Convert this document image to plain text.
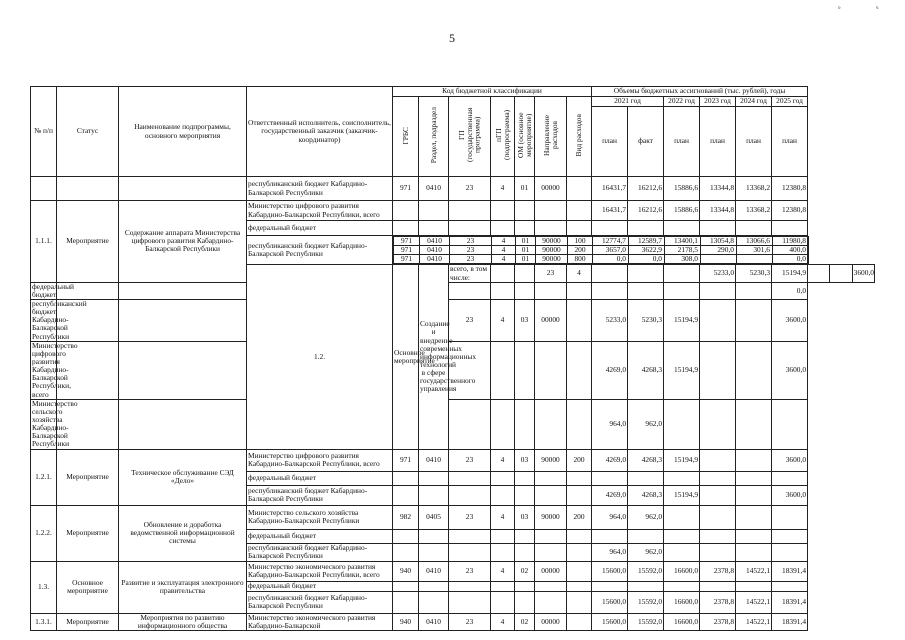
о	ч
5
№ п/п	Статус	Наименование подпрограммы, основного мероприятия	Ответственный исполнитель, соисполнитель, государственный заказчик (заказчик-координатор)	Код бюджетной классификации	Объемы бюджетных ассигнований (тыс. рублей), годы
ГРБС	Раздел, подраздел	ГП (государственная программа)	пГП (подпрограмма)	ОМ (основное мероприятие)	Направление расходов	Вид расходов	2021 год	2022 год	2023 год	2024 год	2025 год
план	факт	план	план	план	план
			республиканский бюджет Кабардино-Балкарской Республики	971	0410	23	4	01	00000		16431,7	16212,6	15886,6	13344,8	13368,2	12380,8
1.1.1.	Мероприятие	Содержание аппарата Министерства цифрового развития Кабардино-Балкарской Республики	Министерство цифрового развития Кабардино-Балкарской Республики, всего								16431,7	16212,6	15886,6	13344,8	13368,2	12380,8
федеральный бюджет													
республиканский бюджет Кабардино-Балкарской Республики	
971	0410	23	4	01	90000	100	12774,7	12589,7	13400,1	13054,8	13066,6	11980,8
971	0410	23	4	01	90000	200	3657,0	3622,9	2178,5	290,0	301,6	400,0
971	0410	23	4	01	90000	800	0,0	0,0	308,0			0,0

1.2.	Основное мероприятие	Создание и внедрение современных информационных технологий в сфере государственного управления	всего, в том числе:			23	4				5233,0	5230,3	15194,9			3600,0
федеральный бюджет													0,0
республиканский бюджет Кабардино-Балкарской Республики			23	4	03	00000		5233,0	5230,3	15194,9			3600,0
Министерство цифрового развития Кабардино-Балкарской Республики, всего								4269,0	4268,3	15194,9			3600,0
Министерство сельского хозяйства Кабардино-Балкарской Республики								964,0	962,0				
1.2.1.	Мероприятие	Техническое обслуживание СЭД «Дело»	Министерство цифрового развития Кабардино-Балкарской Республики, всего	971	0410	23	4	03	90000	200	4269,0	4268,3	15194,9			3600,0
федеральный бюджет													
республиканский бюджет Кабардино-Балкарской Республики								4269,0	4268,3	15194,9			3600,0
1.2.2.	Мероприятие	Обновление и доработка ведомственной информационной системы	Министерство сельского хозяйства Кабардино-Балкарской Республики	982	0405	23	4	03	90000	200	964,0	962,0				
федеральный бюджет													
республиканский бюджет Кабардино-Балкарской Республики								964,0	962,0				
1.3.	Основное мероприятие	Развитие и эксплуатация электронного правительства	Министерство экономического развития Кабардино-Балкарской Республики, всего	940	0410	23	4	02	00000		15600,0	15592,0	16600,0	2378,8	14522,1	18391,4
федеральный бюджет													
республиканский бюджет Кабардино-Балкарской Республики								15600,0	15592,0	16600,0	2378,8	14522,1	18391,4
1.3.1.	Мероприятие	Мероприятия по развитию информационного общества	Министерство экономического развития Кабардино-Балкарской	940	0410	23	4	02	00000		15600,0	15592,0	16600,0	2378,8	14522,1	18391,4
